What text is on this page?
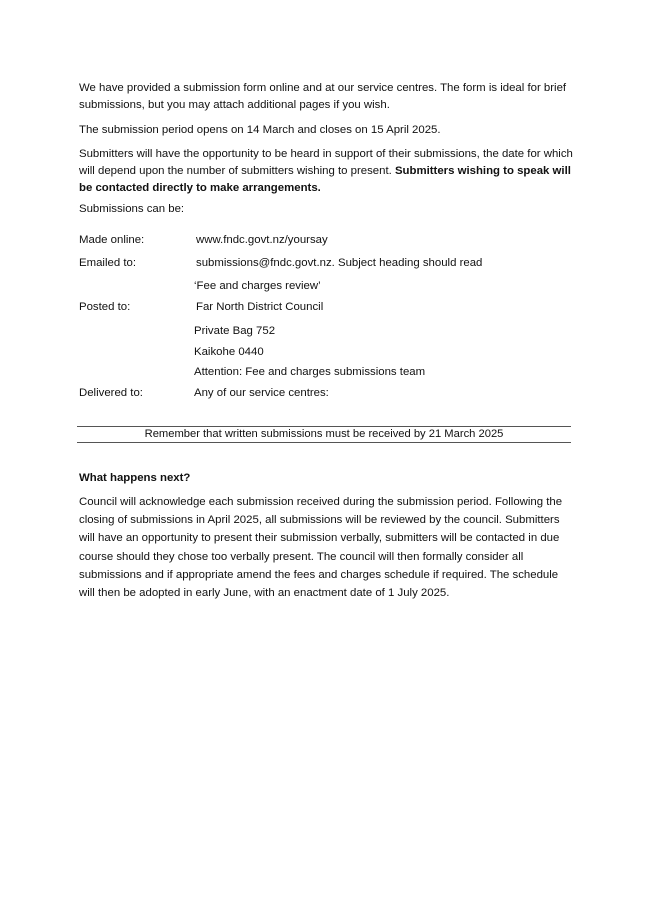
We have provided a submission form online and at our service centres. The form is ideal for brief submissions, but you may attach additional pages if you wish.

The submission period opens on 14 March and closes on 15 April 2025.

Submitters will have the opportunity to be heard in support of their submissions, the date for which will depend upon the number of submitters wishing to present. Submitters wishing to speak will be contacted directly to make arrangements.

Submissions can be:

Made online:	www.fndc.govt.nz/yoursay
Emailed to:	submissions@fndc.govt.nz. Subject heading should read
‘Fee and charges review’
Posted to:	Far North District Council
Private Bag 752
Kaikohe 0440
Attention: Fee and charges submissions team
Delivered to:	Any of our service centres:
Remember that written submissions must be received by 21 March 2025
What happens next?

Council will acknowledge each submission received during the submission period. Following the closing of submissions in April 2025, all submissions will be reviewed by the council. Submitters will have an opportunity to present their submission verbally, submitters will be contacted in due course should they chose too verbally present. The council will then formally consider all submissions and if appropriate amend the fees and charges schedule if required. The schedule will then be adopted in early June, with an enactment date of 1 July 2025.
